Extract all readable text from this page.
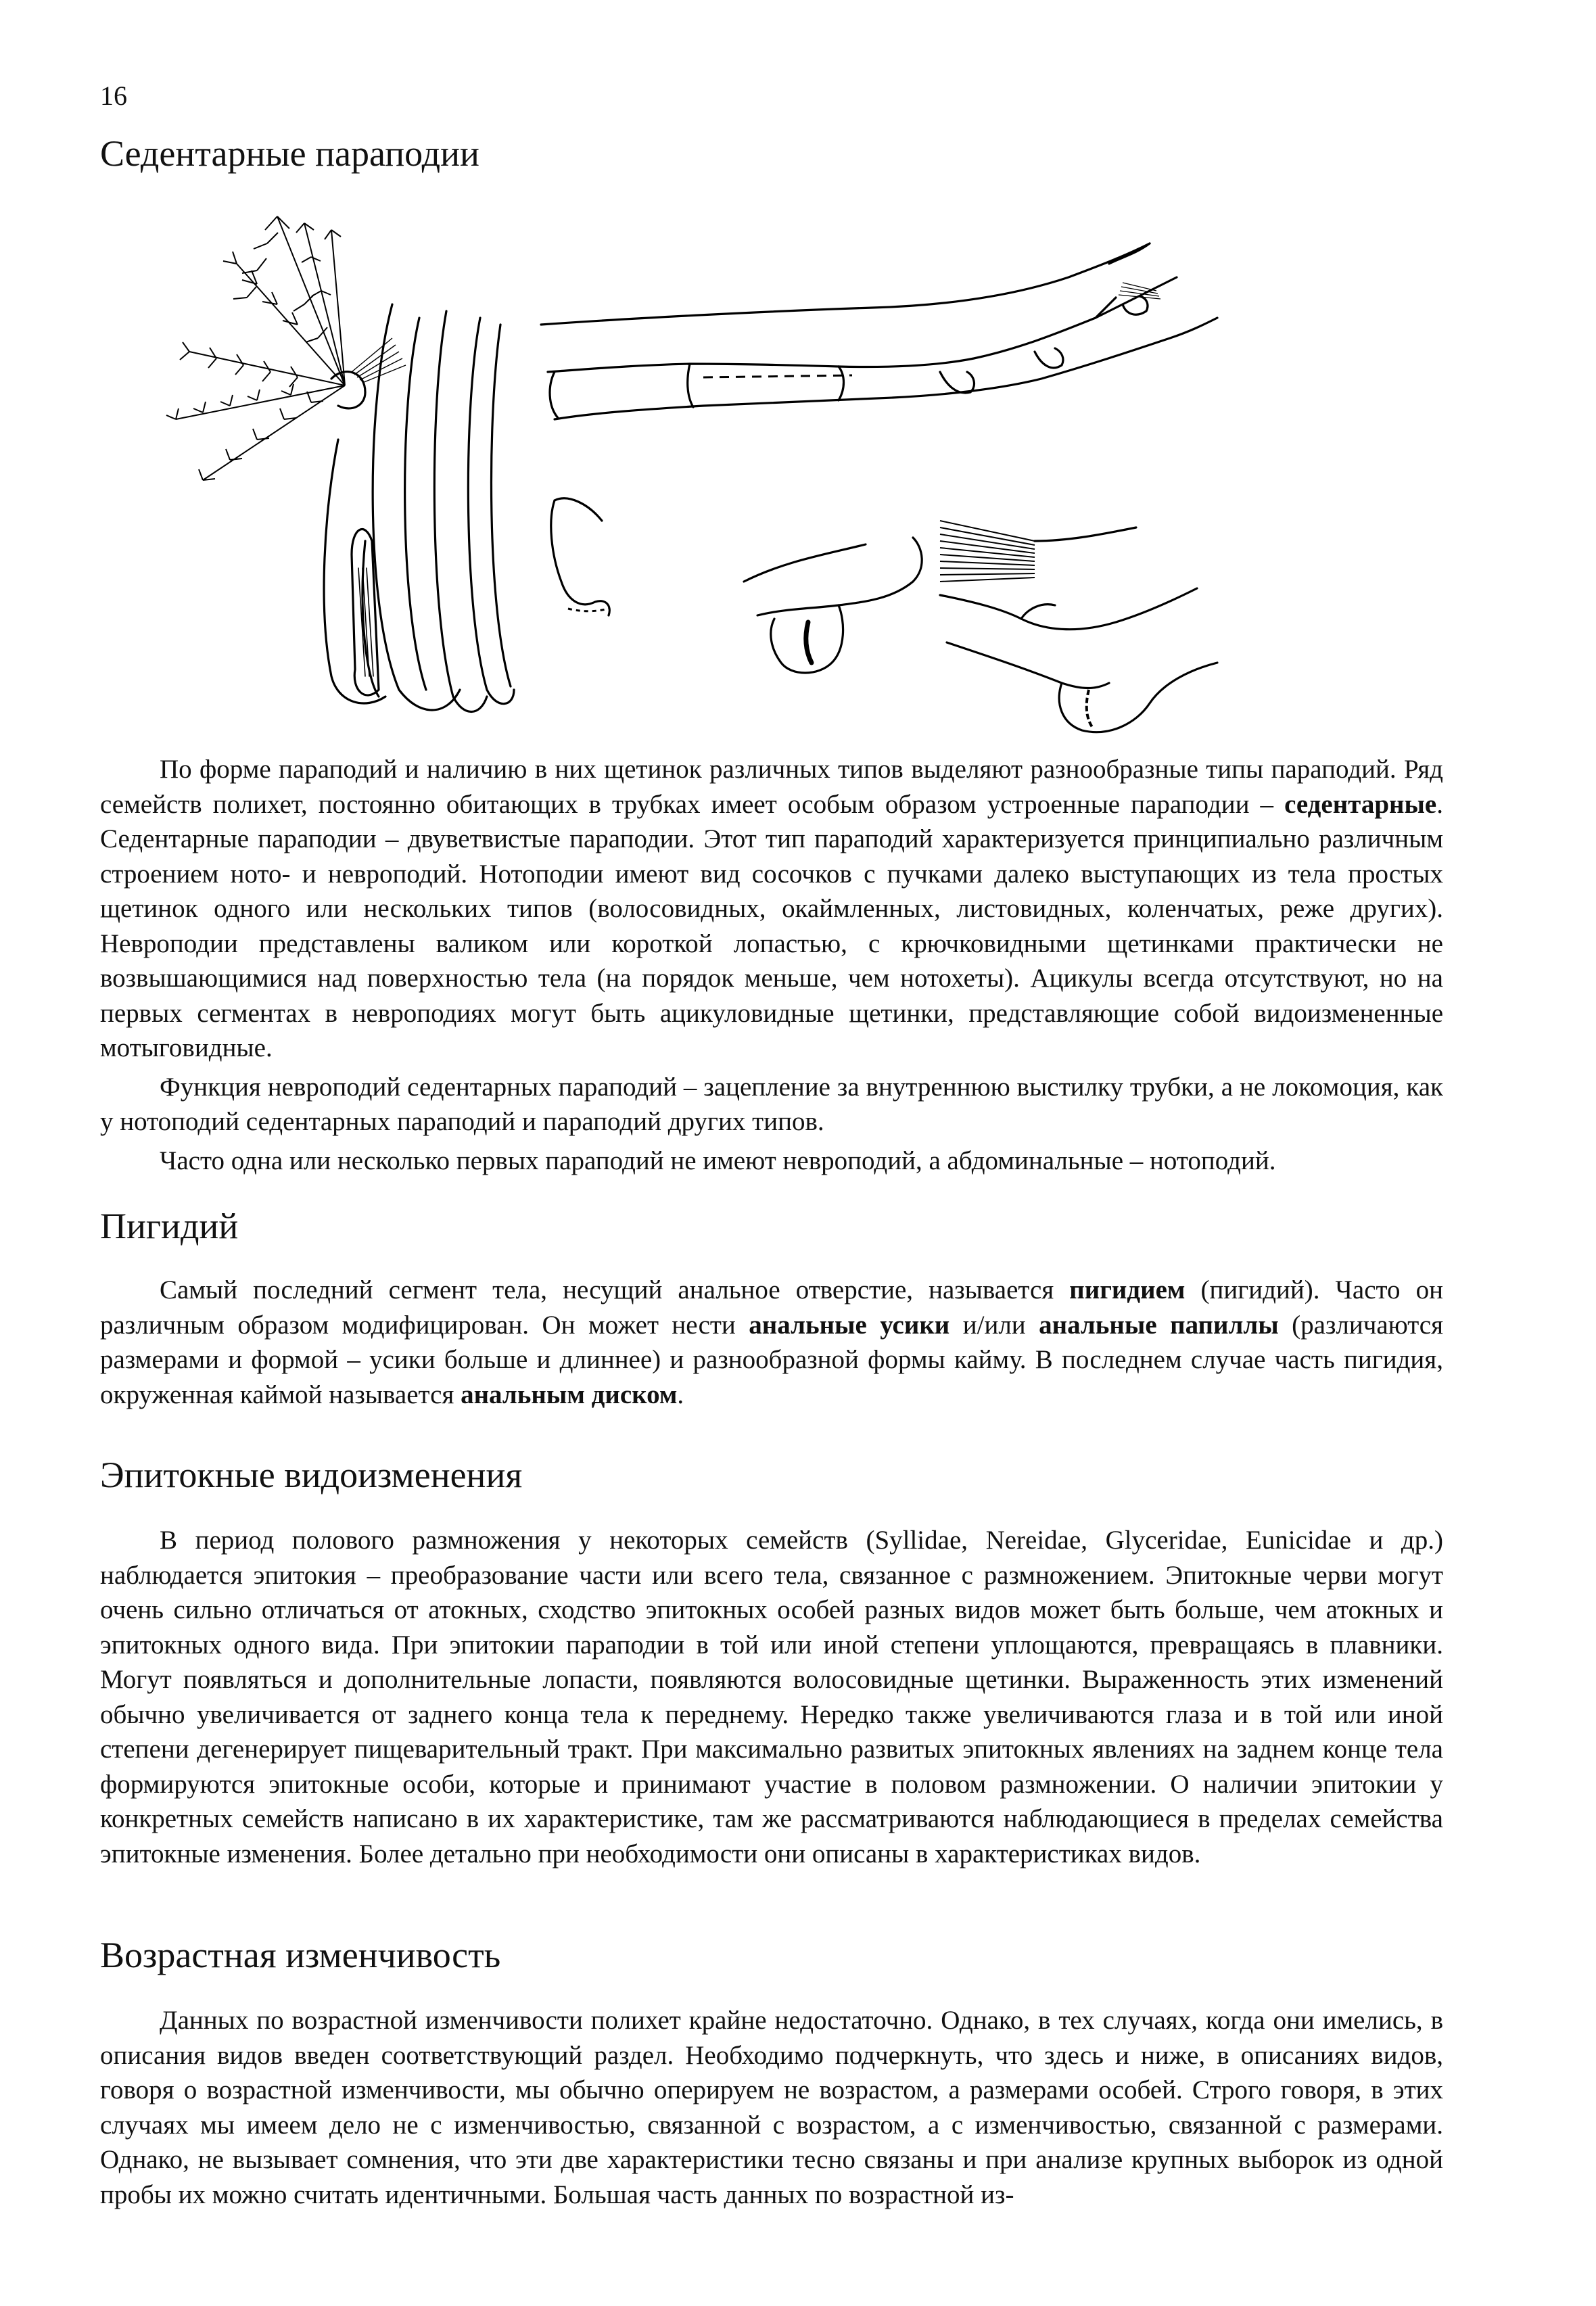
16
Седентарные параподии

По форме параподий и наличию в них щетинок различных типов выделяют разнообразные типы параподий. Ряд семейств полихет, постоянно обитающих в трубках имеет особым образом устроенные параподии – седентарные. Седентарные параподии – двуветвистые параподии. Этот тип параподий характеризуется принципиально различным строением ното- и невроподий. Нотоподии имеют вид сосочков с пучками далеко выступающих из тела простых щетинок одного или нескольких типов (волосовидных, окаймленных, листовидных, коленчатых, реже других). Невроподии представлены валиком или короткой лопастью, с крючковидными щетинками практически не возвышающимися над поверхностью тела (на порядок меньше, чем нотохеты). Ацикулы всегда отсутствуют, но на первых сегментах в невроподиях могут быть ацикуловидные щетинки, представляющие собой видоизмененные мотыговидные.

Функция невроподий седентарных параподий – зацепление за внутреннюю выстилку трубки, а не локомоция, как у нотоподий седентарных параподий и параподий других типов.

Часто одна или несколько первых параподий не имеют невроподий, а абдоминальные – нотоподий.

Пигидий

Самый последний сегмент тела, несущий анальное отверстие, называется пигидием (пигидий). Часто он различным образом модифицирован. Он может нести анальные усики и/или анальные папиллы (различаются размерами и формой – усики больше и длиннее) и разнообразной формы кайму. В последнем случае часть пигидия, окруженная каймой называется анальным диском.

Эпитокные видоизменения

В период полового размножения у некоторых семейств (Syllidae, Nereidae, Glyceridae, Eunicidae и др.) наблюдается эпитокия – преобразование части или всего тела, связанное с размножением. Эпитокные черви могут очень сильно отличаться от атокных, сходство эпитокных особей разных видов может быть больше, чем атокных и эпитокных одного вида. При эпитокии параподии в той или иной степени уплощаются, превращаясь в плавники. Могут появляться и дополнительные лопасти, появляются волосовидные щетинки. Выраженность этих изменений обычно увеличивается от заднего конца тела к переднему. Нередко также увеличиваются глаза и в той или иной степени дегенерирует пищеварительный тракт. При максимально развитых эпитокных явлениях на заднем конце тела формируются эпитокные особи, которые и принимают участие в половом размножении. О наличии эпитокии у конкретных семейств написано в их характеристике, там же рассматриваются наблюдающиеся в пределах семейства эпитокные изменения. Более детально при необходимости они описаны в характеристиках видов.

Возрастная изменчивость

Данных по возрастной изменчивости полихет крайне недостаточно. Однако, в тех случаях, когда они имелись, в описания видов введен соответствующий раздел. Необходимо подчеркнуть, что здесь и ниже, в описаниях видов, говоря о возрастной изменчивости, мы обычно оперируем не возрастом, а размерами особей. Строго говоря, в этих случаях мы имеем дело не с изменчивостью, связанной с возрастом, а с изменчивостью, связанной с размерами. Однако, не вызывает сомнения, что эти две характеристики тесно связаны и при анализе крупных выборок из одной пробы их можно считать идентичными. Большая часть данных по возрастной из-
